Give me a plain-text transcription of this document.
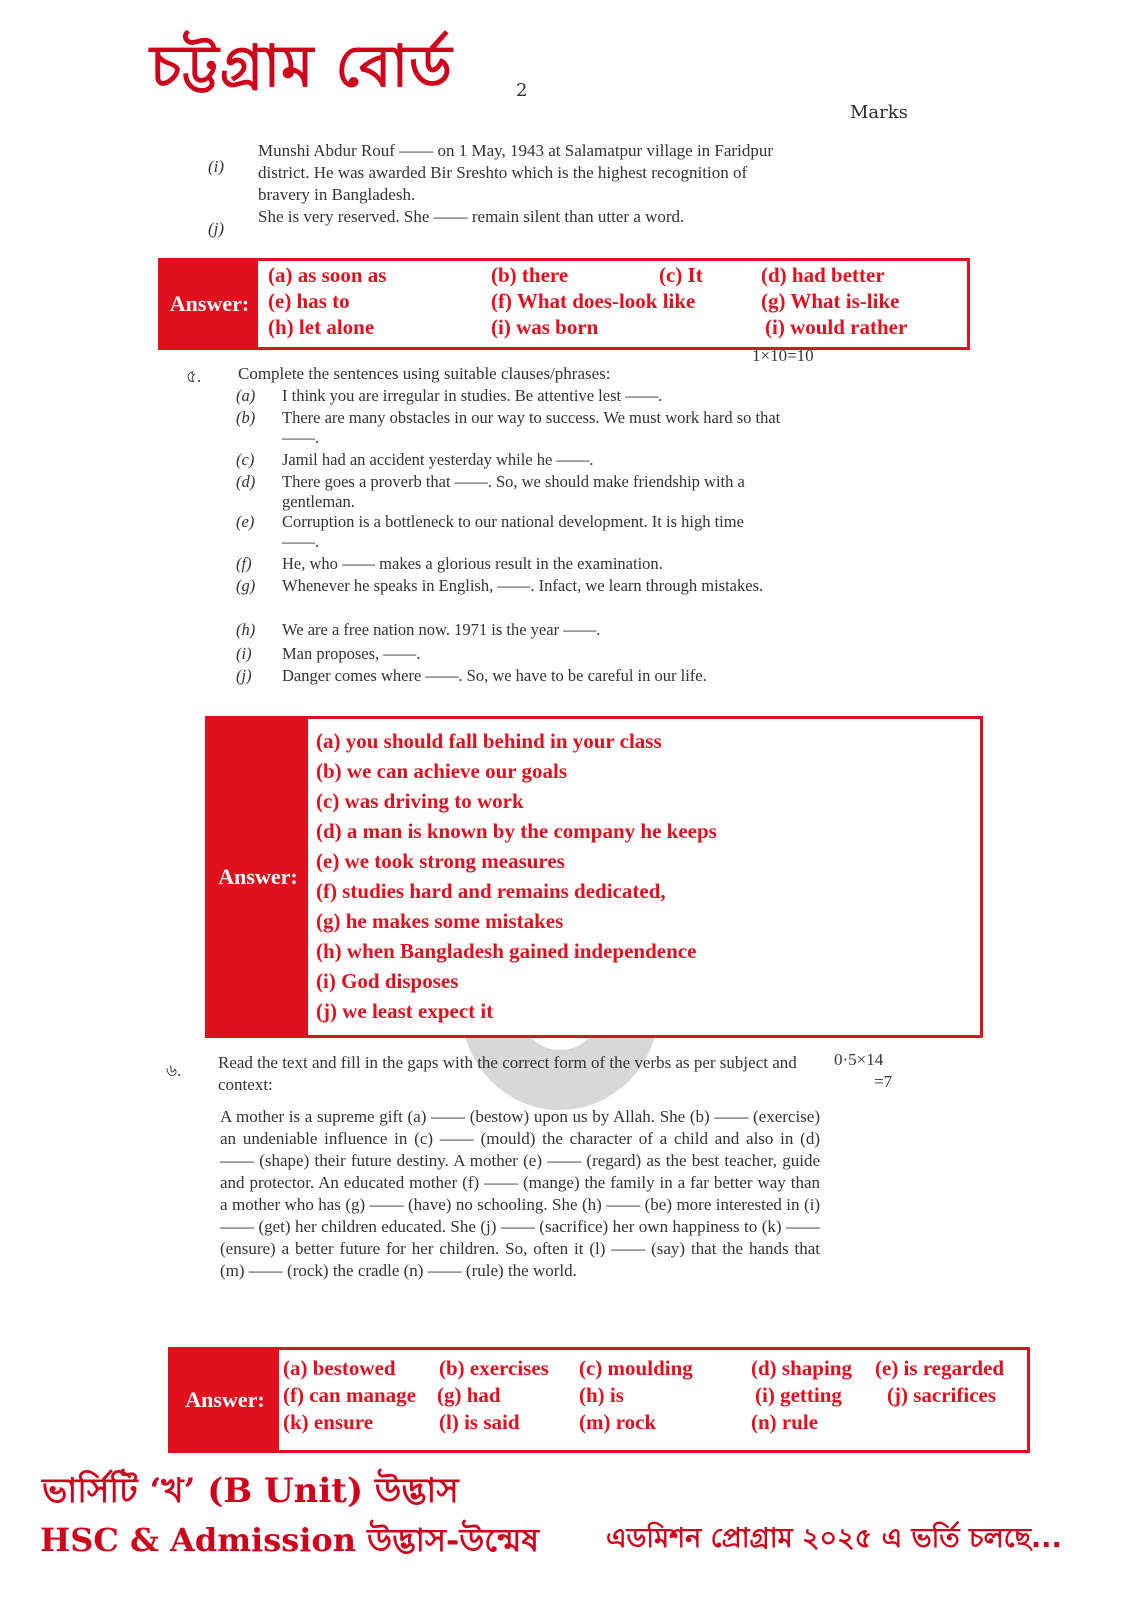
চট্টগ্রাম বোর্ড	2
Marks
(i)
Munshi Abdur Rouf —— on 1 May, 1943 at Salamatpur village in Faridpur district. He was awarded Bir Sreshto which is the highest recognition of bravery in Bangladesh.
(j)
She is very reserved. She —— remain silent than utter a word.
Answer:
(a) as soon as	(b) there	(c) It	(d) had better
(e) has to	(f) What does-look like	(g) What is-like
(h) let alone	(i) was born	(i) would rather
৫. Complete the sentences using suitable clauses/phrases:
1×10=10
(a) I think you are irregular in studies. Be attentive lest ——.
(b) There are many obstacles in our way to success. We must work hard so that ——.
(c) Jamil had an accident yesterday while he ——.
(d) There goes a proverb that ——. So, we should make friendship with a gentleman.
(e) Corruption is a bottleneck to our national development. It is high time ——.
(f) He, who —— makes a glorious result in the examination.
(g) Whenever he speaks in English, ——. Infact, we learn through mistakes.
(h) We are a free nation now. 1971 is the year ——.
(i) Man proposes, ——.
(j) Danger comes where ——. So, we have to be careful in our life.
Answer:
(a) you should fall behind in your class
(b) we can achieve our goals
(c) was driving to work
(d) a man is known by the company he keeps
(e) we took strong measures
(f) studies hard and remains dedicated,
(g) he makes some mistakes
(h) when Bangladesh gained independence
(i) God disposes
(j) we least expect it
৬. Read the text and fill in the gaps with the correct form of the verbs as per subject and context:
0·5×14
=7
A mother is a supreme gift (a) —— (bestow) upon us by Allah. She (b) —— (exercise) an undeniable influence in (c) —— (mould) the character of a child and also in (d) —— (shape) their future destiny. A mother (e) —— (regard) as the best teacher, guide and protector. An educated mother (f) —— (mange) the family in a far better way than a mother who has (g) —— (have) no schooling. She (h) —— (be) more interested in (i) —— (get) her children educated. She (j) —— (sacrifice) her own happiness to (k) —— (ensure) a better future for her children. So, often it (l) —— (say) that the hands that (m) —— (rock) the cradle (n) —— (rule) the world.
Answer:
(a) bestowed (b) exercises (c) moulding	(d) shaping (e) is regarded
(f) can manage (g) had	(h) is	(i) getting (j) sacrifices
(k) ensure	(l) is said	(m) rock	(n) rule
ভার্সিটি ‘খ’ (B Unit) উদ্ভাস
HSC & Admission উদ্ভাস-উন্মেষ এডমিশন প্রোগ্রাম ২০২৫ এ ভর্তি চলছে...
